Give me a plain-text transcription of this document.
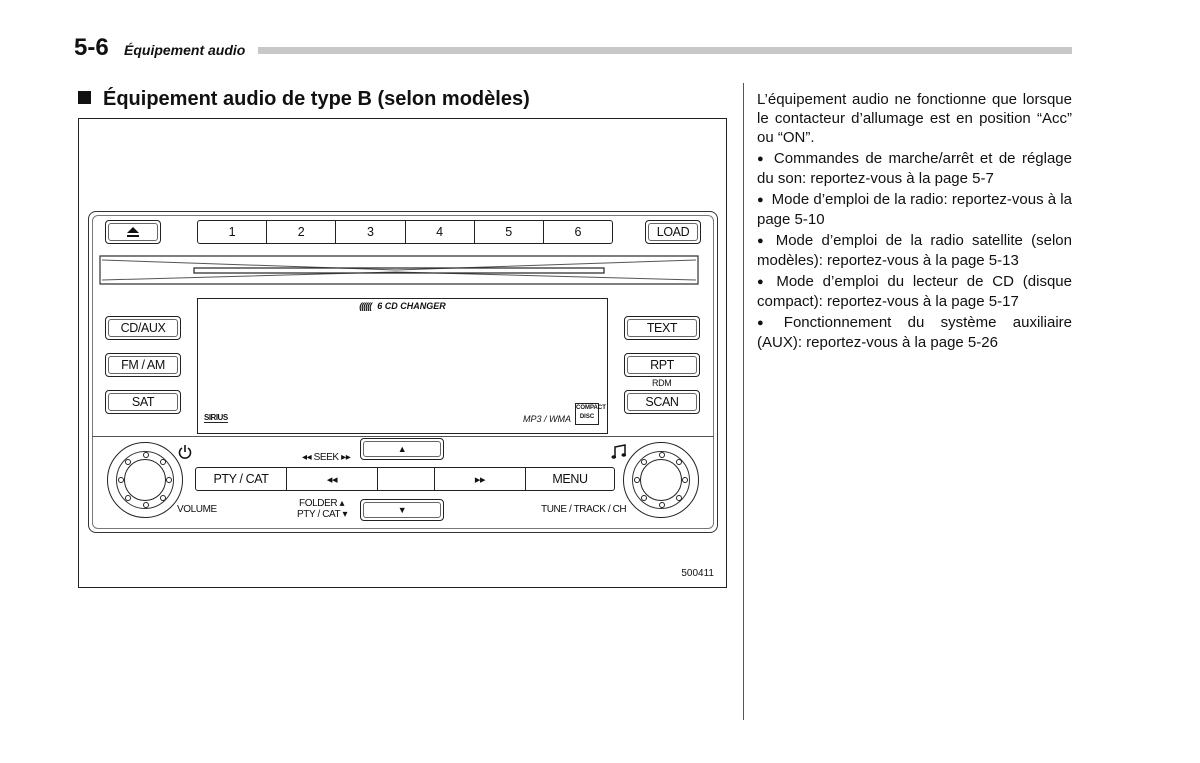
5-6 Équipement audio
Équipement audio de type B (selon modèles)
500411
1	2	3	4	5	6	LOAD
CD/AUX
FM / AM
SAT
(((((( 6 CD CHANGER
SIRIUS	MP3 / WMA
COMPACT DISC
TEXT
RPT
RDM
SCAN
VOLUME
◂◂ SEEK ▸▸
▲
PTY / CAT	◂◂	▸▸	MENU
FOLDER ▴
PTY / CAT ▾	▼	TUNE / TRACK / CH

L’équipement audio ne fonctionne que lorsque le contacteur d’allumage est en position “Acc” ou “ON”.

● Commandes de marche/arrêt et de réglage du son: reportez-vous à la page 5-7
● Mode d’emploi de la radio: reportez-vous à la page 5-10
● Mode d’emploi de la radio satellite (selon modèles): reportez-vous à la page 5-13
● Mode d’emploi du lecteur de CD (disque compact): reportez-vous à la page 5-17
● Fonctionnement du système auxiliaire (AUX): reportez-vous à la page 5-26
